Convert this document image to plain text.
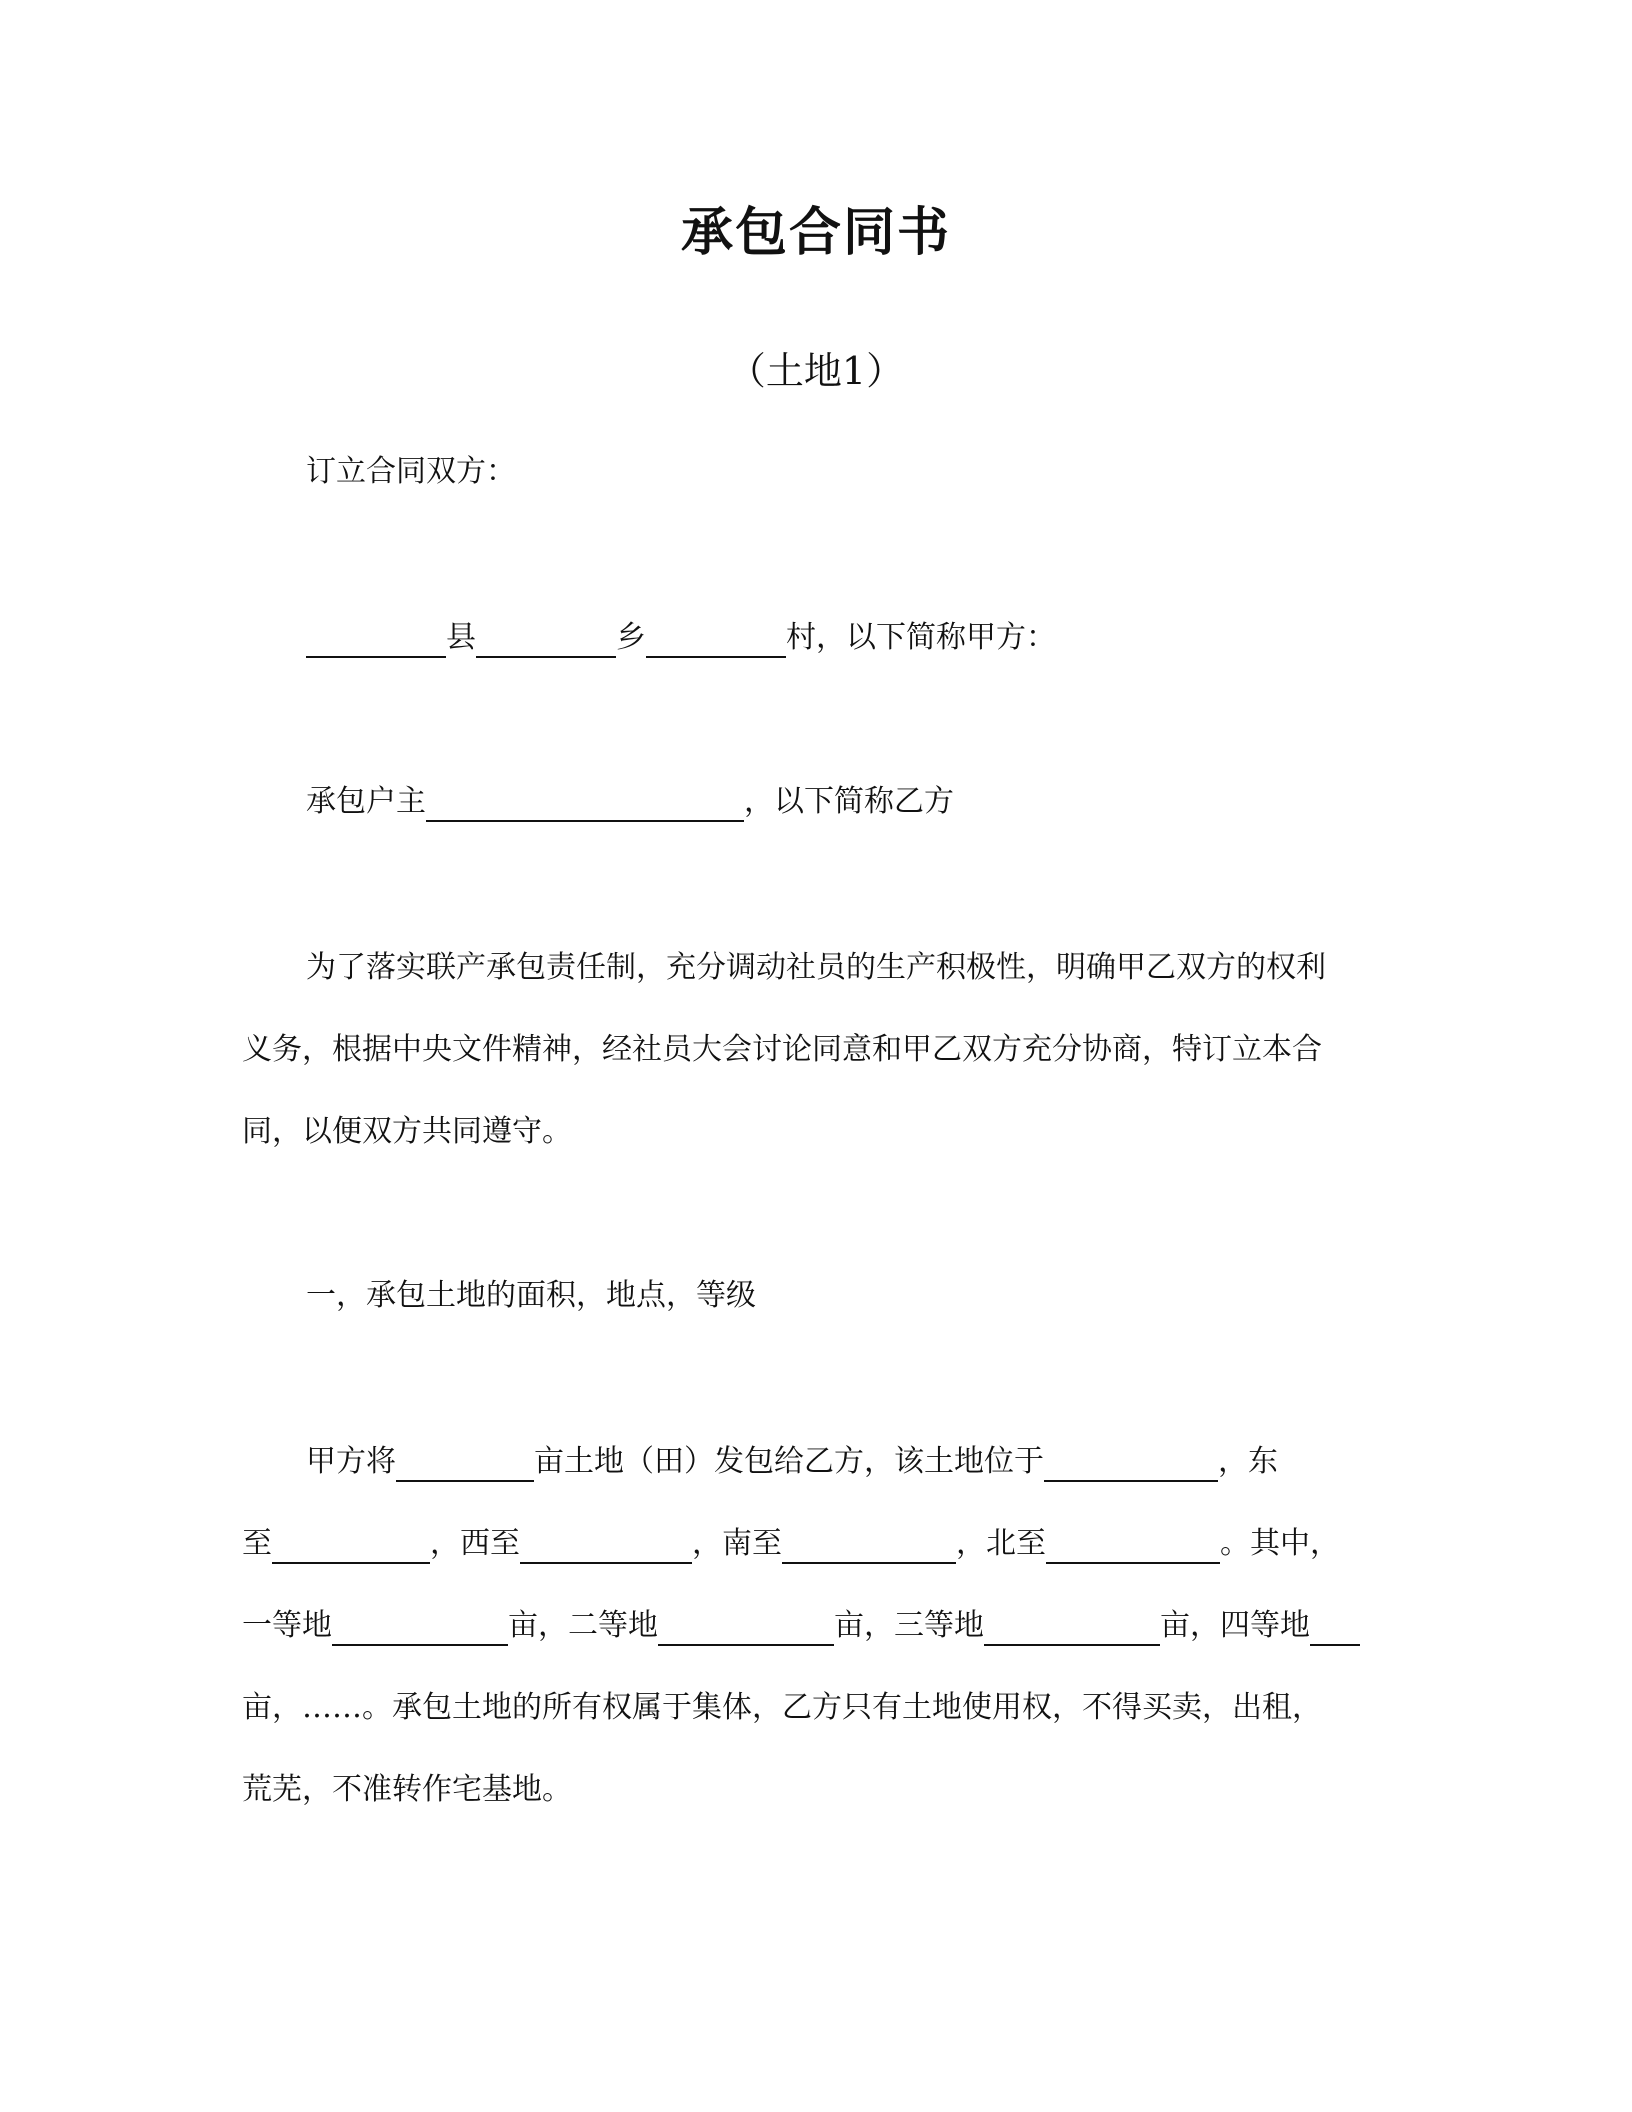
承包合同书
（土地1）
订立合同双方：
县	乡	村，以下简称甲方：
承包户主	，以下简称乙方
为了落实联产承包责任制，充分调动社员的生产积极性，明确甲乙双方的权利
义务，根据中央文件精神，经社员大会讨论同意和甲乙双方充分协商，特订立本合
同，以便双方共同遵守。
一，承包土地的面积，地点，等级
甲方将	亩土地（田）发包给乙方，该土地位于	，东
至	，西至	，南至	，北至	。其中，
一等地	亩，二等地	亩，三等地	亩，四等地
亩，……。承包土地的所有权属于集体，乙方只有土地使用权，不得买卖，出租，
荒芜，不准转作宅基地。
